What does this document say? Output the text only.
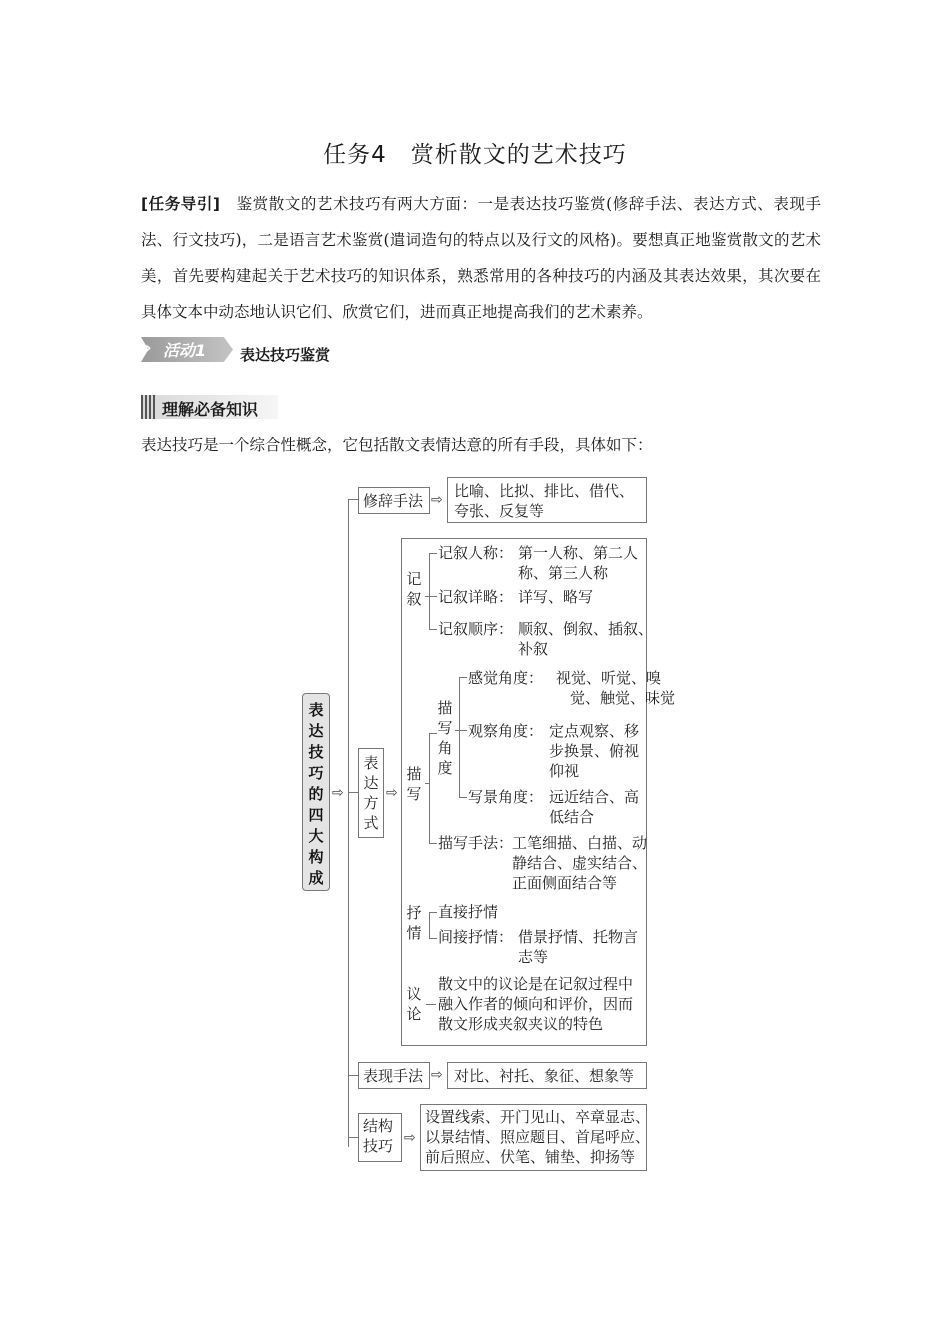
任务4　赏析散文的艺术技巧
[任务导引] 鉴赏散文的艺术技巧有两大方面：一是表达技巧鉴赏(修辞手法、表达方式、表现手法、行文技巧)，二是语言艺术鉴赏(遣词造句的特点以及行文的风格)。要想真正地鉴赏散文的艺术美，首先要构建起关于艺术技巧的知识体系，熟悉常用的各种技巧的内涵及其表达效果，其次要在具体文本中动态地认识它们、欣赏它们，进而真正地提高我们的艺术素养。
› 活动1 表达技巧鉴赏
理解必备知识
表达技巧是一个综合性概念，它包括散文表情达意的所有手段，具体如下：
表达技巧的四大构成
⇨
修辞手法 ⇨ 比喻、比拟、排比、借代、
夸张、反复等
表达方式
⇨
记叙
记叙人称： 第一人称、第二人
称、第三人称
记叙详略： 详写、略写
记叙顺序： 顺叙、倒叙、插叙、
补叙
描写
描写角度
感觉角度： 视觉、听觉、嗅
觉、触觉、味觉
观察角度： 定点观察、移
步换景、俯视
仰视
写景角度： 远近结合、高
低结合
描写手法：
工笔细描、白描、动
静结合、虚实结合、
正面侧面结合等
抒情
直接抒情
间接抒情： 借景抒情、托物言
志等
议论
散文中的议论是在记叙过程中
融入作者的倾向和评价，因而
散文形成夹叙夹议的特色
表现手法 ⇨ 对比、衬托、象征、想象等
结构技巧 ⇨
设置线索、开门见山、卒章显志、
以景结情、照应题目、首尾呼应、
前后照应、伏笔、铺垫、抑扬等
